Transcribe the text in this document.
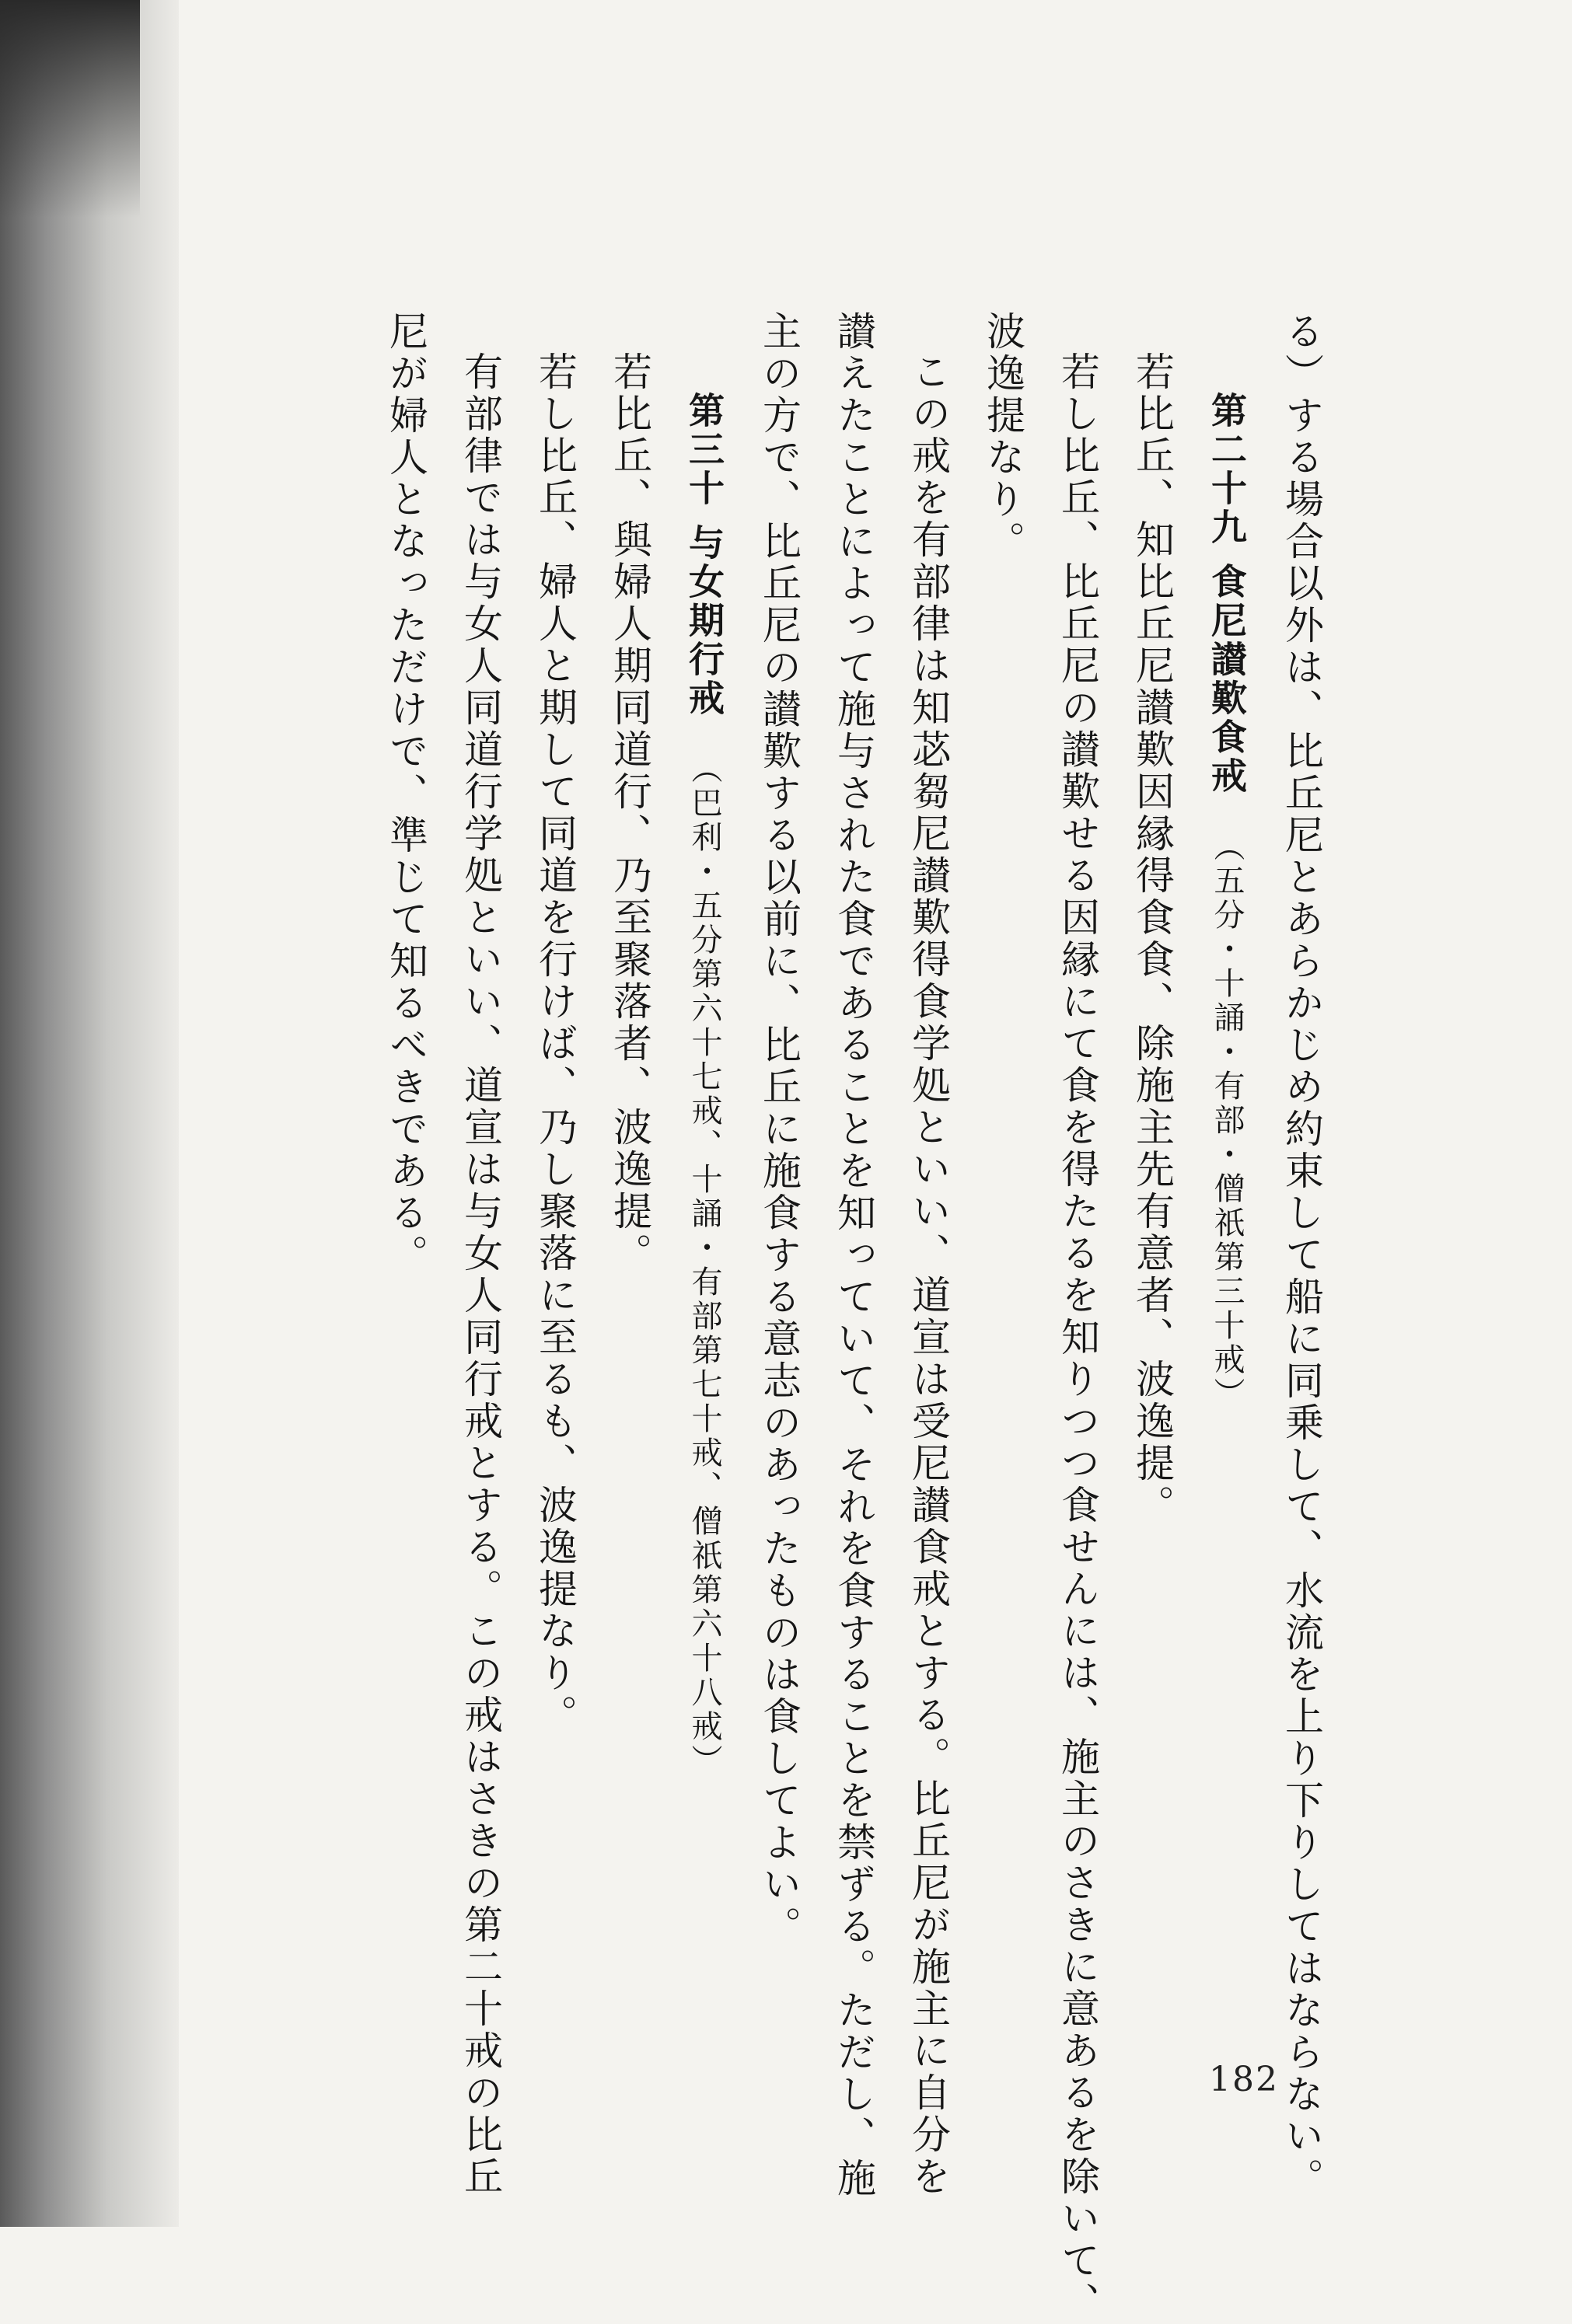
る）する場合以外は、比丘尼とあらかじめ約束して船に同乗して、水流を上り下りしてはならない。

第二十九 食尼讃歎食戒 （五分・十誦・有部・僧祇第三十戒）

若比丘、知比丘尼讃歎因縁得食食、除施主先有意者、波逸提。

若し比丘、比丘尼の讃歎せる因縁にて食を得たるを知りつつ食せんには、施主のさきに意あるを除いて、

波逸提なり。

この戒を有部律は知苾芻尼讃歎得食学処といい、道宣は受尼讃食戒とする。比丘尼が施主に自分を

讃えたことによって施与された食であることを知っていて、それを食することを禁ずる。ただし、施

主の方で、比丘尼の讃歎する以前に、比丘に施食する意志のあったものは食してよい。

第三十 与女期行戒 （巴利・五分第六十七戒、十誦・有部第七十戒、僧祇第六十八戒）

若比丘、與婦人期同道行、乃至聚落者、波逸提。

若し比丘、婦人と期して同道を行けば、乃し聚落に至るも、波逸提なり。

有部律では与女人同道行学処といい、道宣は与女人同行戒とする。この戒はさきの第二十戒の比丘

尼が婦人となっただけで、準じて知るべきである。

182
